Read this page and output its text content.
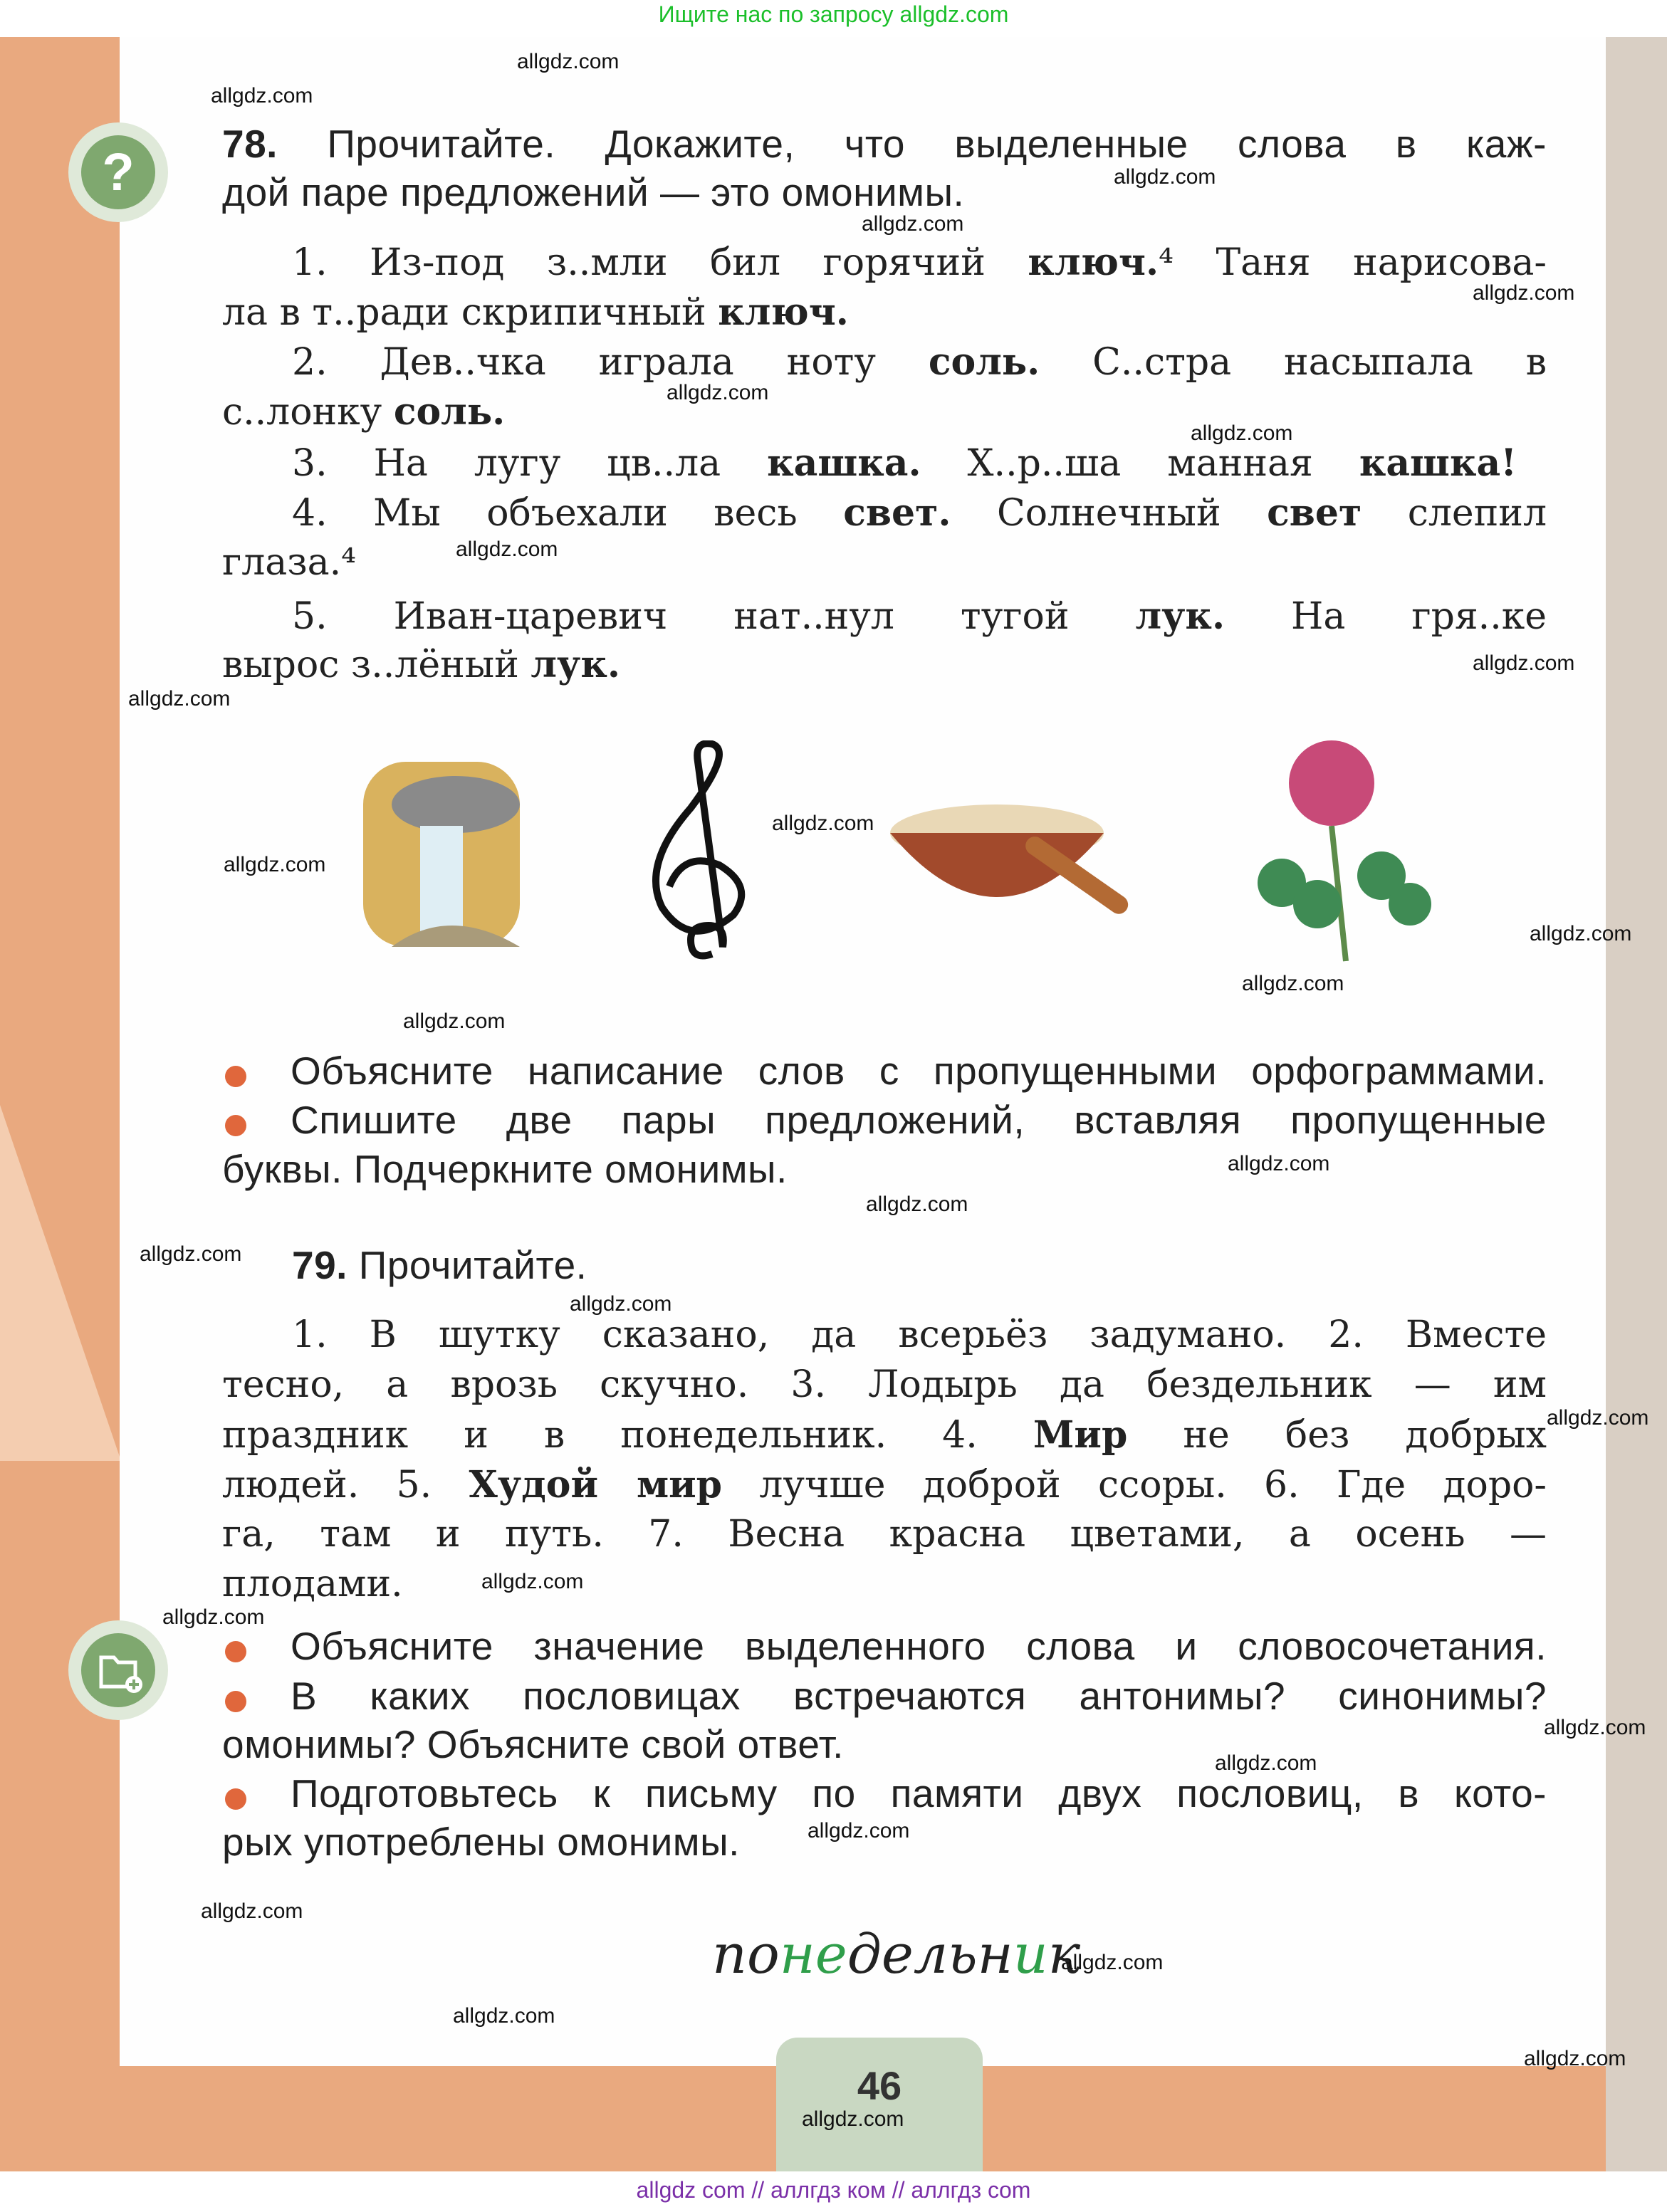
Ищите нас по запросу allgdz.com
46
allgdz com // аллгдз ком // аллгдз com
?	78. Прочитайте. Докажите, что выделенные слова в каж-
дой паре предложений — это омонимы.
1. Из-под з..мли бил горячий ключ.⁴ Таня нарисова-
ла в т..ради скрипичный ключ.
2. Дев..чка играла ноту соль. С..стра насыпала в
с..лонку соль.
3. На лугу цв..ла кашка. Х..р..ша манная кашка!
4. Мы объехали весь свет. Солнечный свет слепил
глаза.⁴
5. Иван-царевич нат..нул тугой лук. На гря..ке
вырос з..лёный лук.
Объясните написание слов с пропущенными орфограммами.
Спишите две пары предложений, вставляя пропущенные
буквы. Подчеркните омонимы.
79. Прочитайте.
1. В шутку сказано, да всерьёз задумано. 2. Вместе
тесно, а врозь скучно. 3. Лодырь да бездельник — им
праздник и в понедельник. 4. Мир не без добрых
людей. 5. Худой мир лучше доброй ссоры. 6. Где доро-
га, там и путь. 7. Весна красна цветами, а осень —
плодами.
Объясните значение выделенного слова и словосочетания.
В каких пословицах встречаются антонимы? синонимы?
омонимы? Объясните свой ответ.
Подготовьтесь к письму по памяти двух пословиц, в кото-
рых употреблены омонимы.
понедельник
allgdz.com
allgdz.com
allgdz.com
allgdz.com
allgdz.com
allgdz.com
allgdz.com
allgdz.com
allgdz.com
allgdz.com
allgdz.com
allgdz.com
allgdz.com
allgdz.com
allgdz.com
allgdz.com
allgdz.com
allgdz.com
allgdz.com
allgdz.com
allgdz.com
allgdz.com
allgdz.com
allgdz.com
allgdz.com
allgdz.com
allgdz.com
allgdz.com
allgdz.com
allgdz.com
